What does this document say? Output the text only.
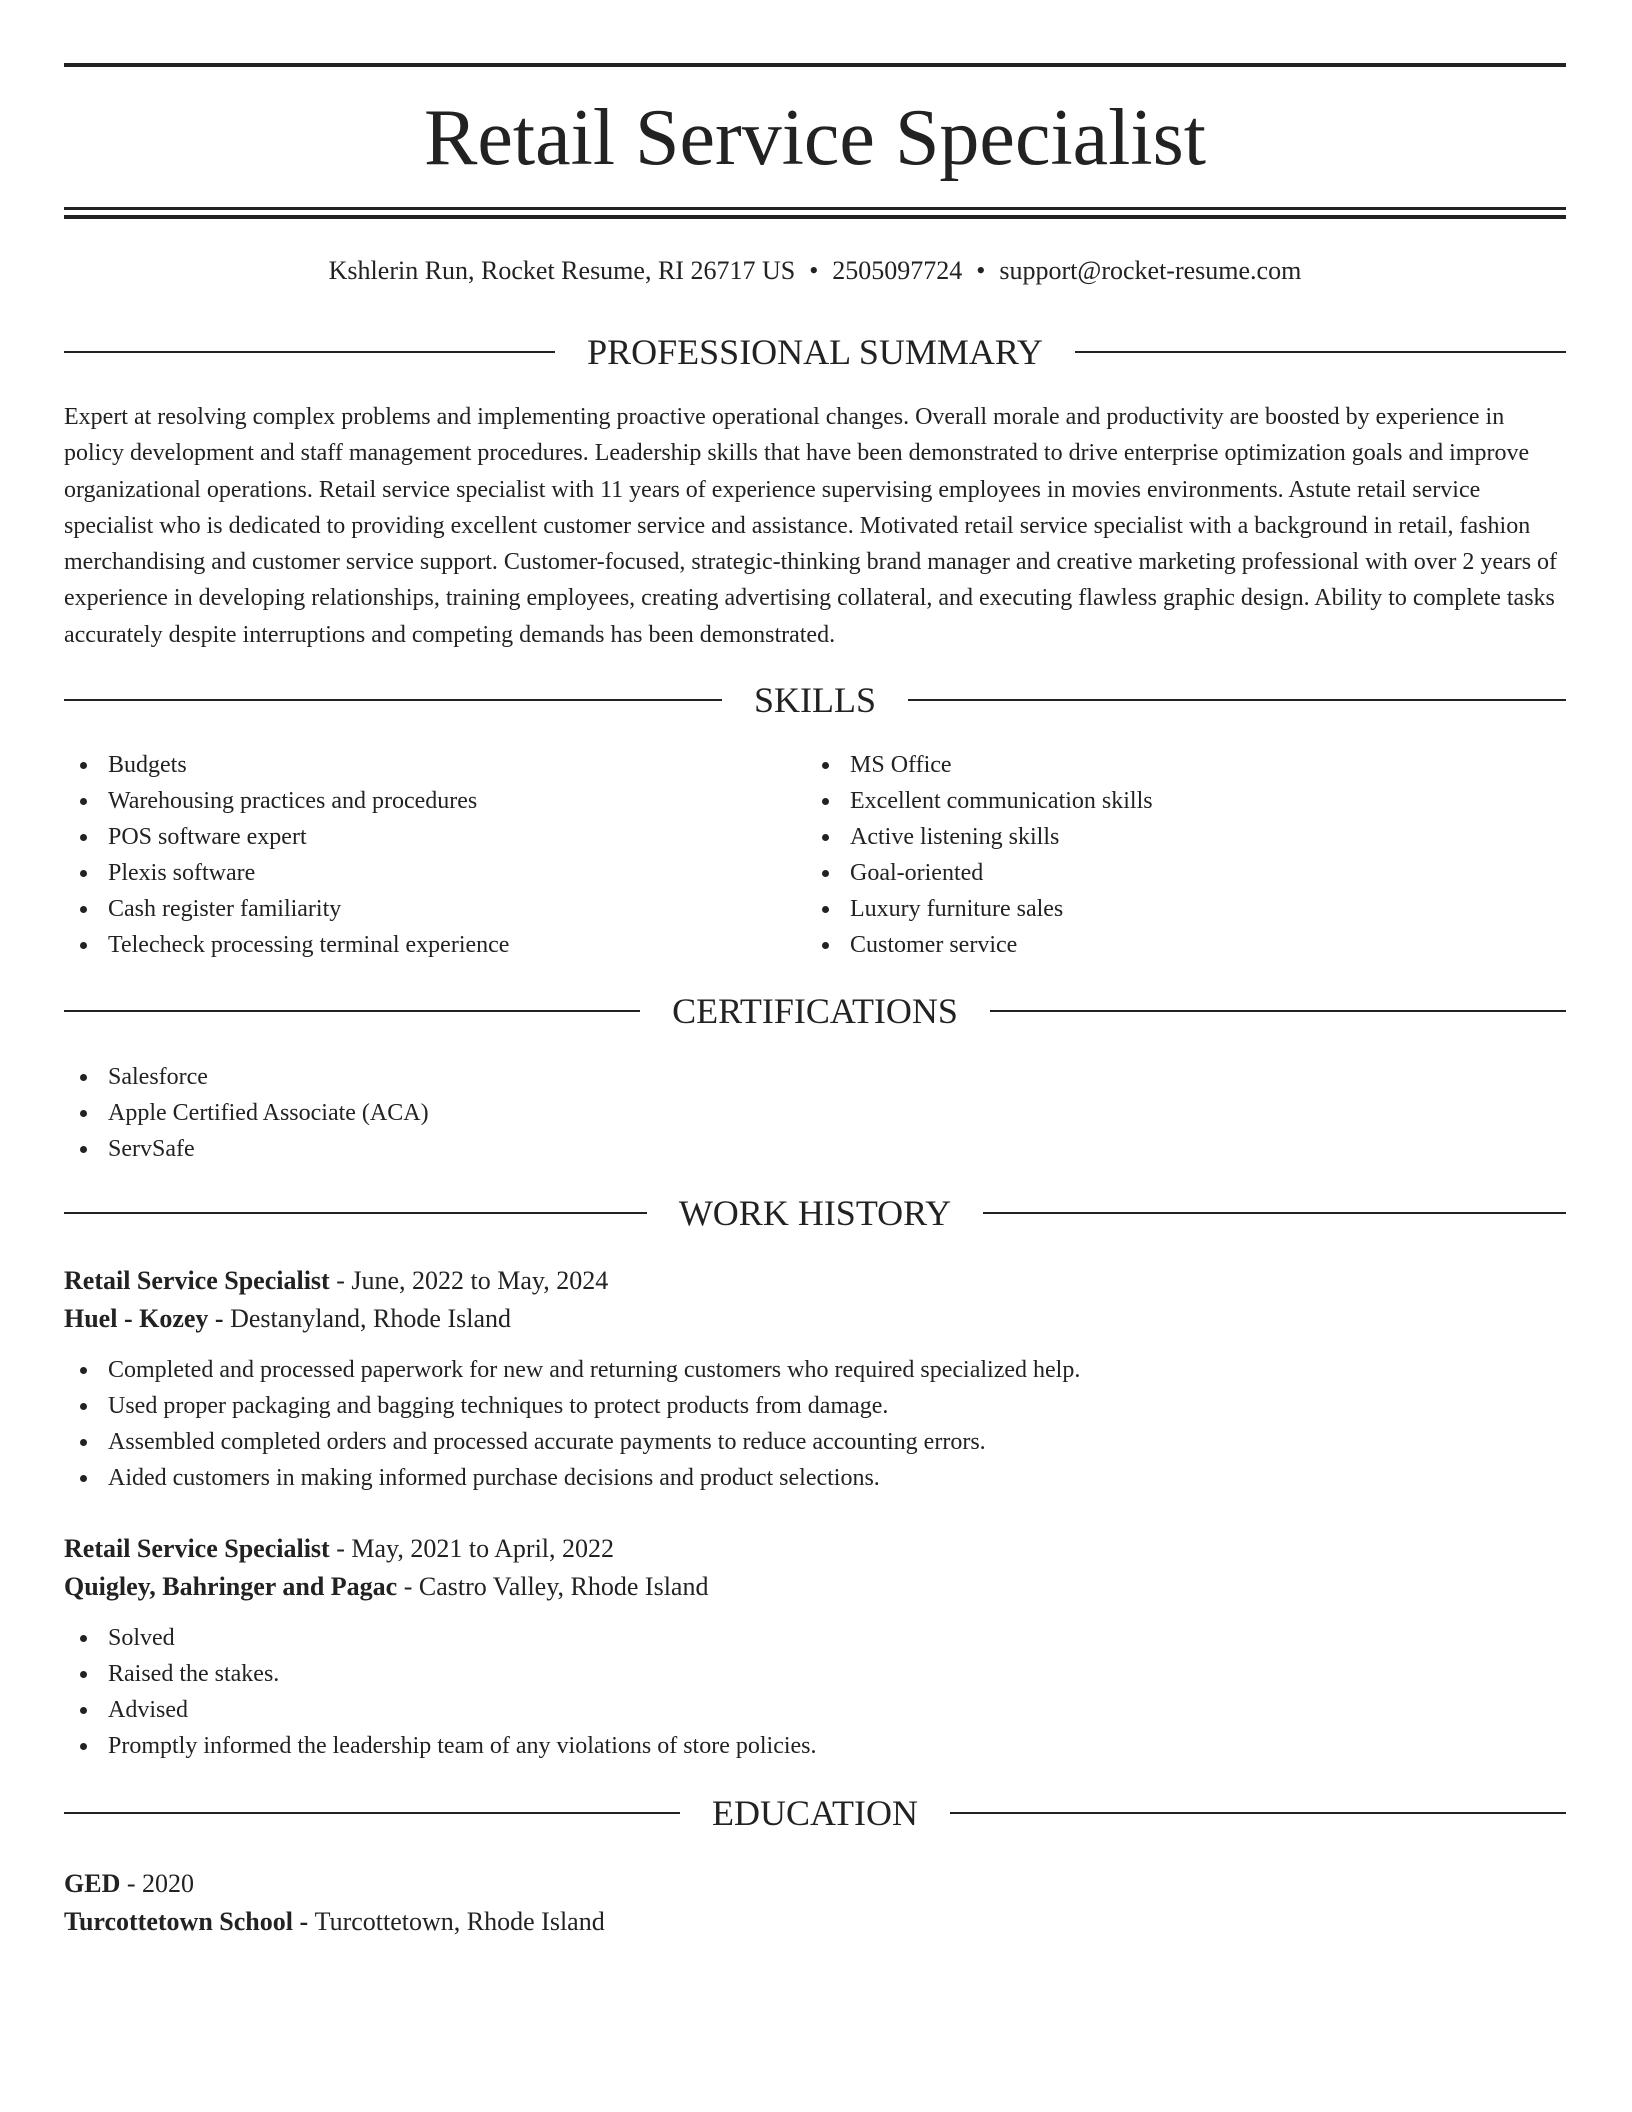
Retail Service Specialist
Kshlerin Run, Rocket Resume, RI 26717 US • 2505097724 • support@rocket-resume.com
PROFESSIONAL SUMMARY

Expert at resolving complex problems and implementing proactive operational changes. Overall morale and productivity are boosted by experience in policy development and staff management procedures. Leadership skills that have been demonstrated to drive enterprise optimization goals and improve organizational operations. Retail service specialist with 11 years of experience supervising employees in movies environments. Astute retail service specialist who is dedicated to providing excellent customer service and assistance. Motivated retail service specialist with a background in retail, fashion merchandising and customer service support. Customer-focused, strategic-thinking brand manager and creative marketing professional with over 2 years of experience in developing relationships, training employees, creating advertising collateral, and executing flawless graphic design. Ability to complete tasks accurately despite interruptions and competing demands has been demonstrated.

SKILLS
Budgets
Warehousing practices and procedures
POS software expert
Plexis software
Cash register familiarity
Telecheck processing terminal experience
MS Office
Excellent communication skills
Active listening skills
Goal-oriented
Luxury furniture sales
Customer service
CERTIFICATIONS
Salesforce
Apple Certified Associate (ACA)
ServSafe
WORK HISTORY
Retail Service Specialist - June, 2022 to May, 2024
Huel - Kozey - Destanyland, Rhode Island
Completed and processed paperwork for new and returning customers who required specialized help.
Used proper packaging and bagging techniques to protect products from damage.
Assembled completed orders and processed accurate payments to reduce accounting errors.
Aided customers in making informed purchase decisions and product selections.
Retail Service Specialist - May, 2021 to April, 2022
Quigley, Bahringer and Pagac - Castro Valley, Rhode Island
Solved
Raised the stakes.
Advised
Promptly informed the leadership team of any violations of store policies.
EDUCATION
GED - 2020
Turcottetown School - Turcottetown, Rhode Island
